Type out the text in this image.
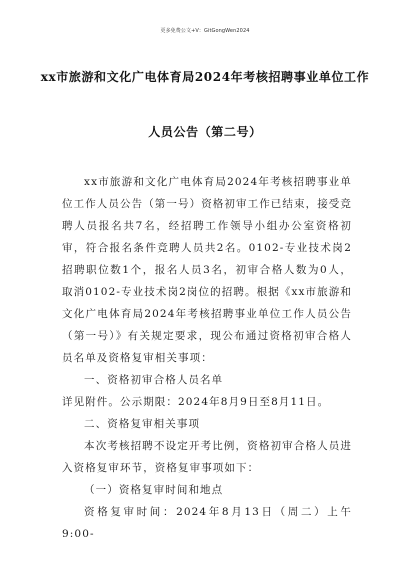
更多免费公文+V：GitGongWen2024
xx市旅游和文化广电体育局2024年考核招聘事业单位工作
人员公告（第二号）

xx市旅游和文化广电体育局2024年考核招聘事业单位工作人员公告（第一号）资格初审工作已结束，接受竞聘人员报名共7名，经招聘工作领导小组办公室资格初审，符合报名条件竞聘人员共2名。0102-专业技术岗2招聘职位数1个，报名人员3名，初审合格人数为0人，取消0102-专业技术岗2岗位的招聘。根据《xx市旅游和文化广电体育局2024年考核招聘事业单位工作人员公告（第一号）》有关规定要求，现公布通过资格初审合格人员名单及资格复审相关事项：

一、资格初审合格人员名单

详见附件。公示期限：2024年8月9日至8月11日。

二、资格复审相关事项

本次考核招聘不设定开考比例，资格初审合格人员进入资格复审环节，资格复审事项如下：

（一）资格复审时间和地点

资格复审时间：2024年8月13日（周二）上午9:00-
